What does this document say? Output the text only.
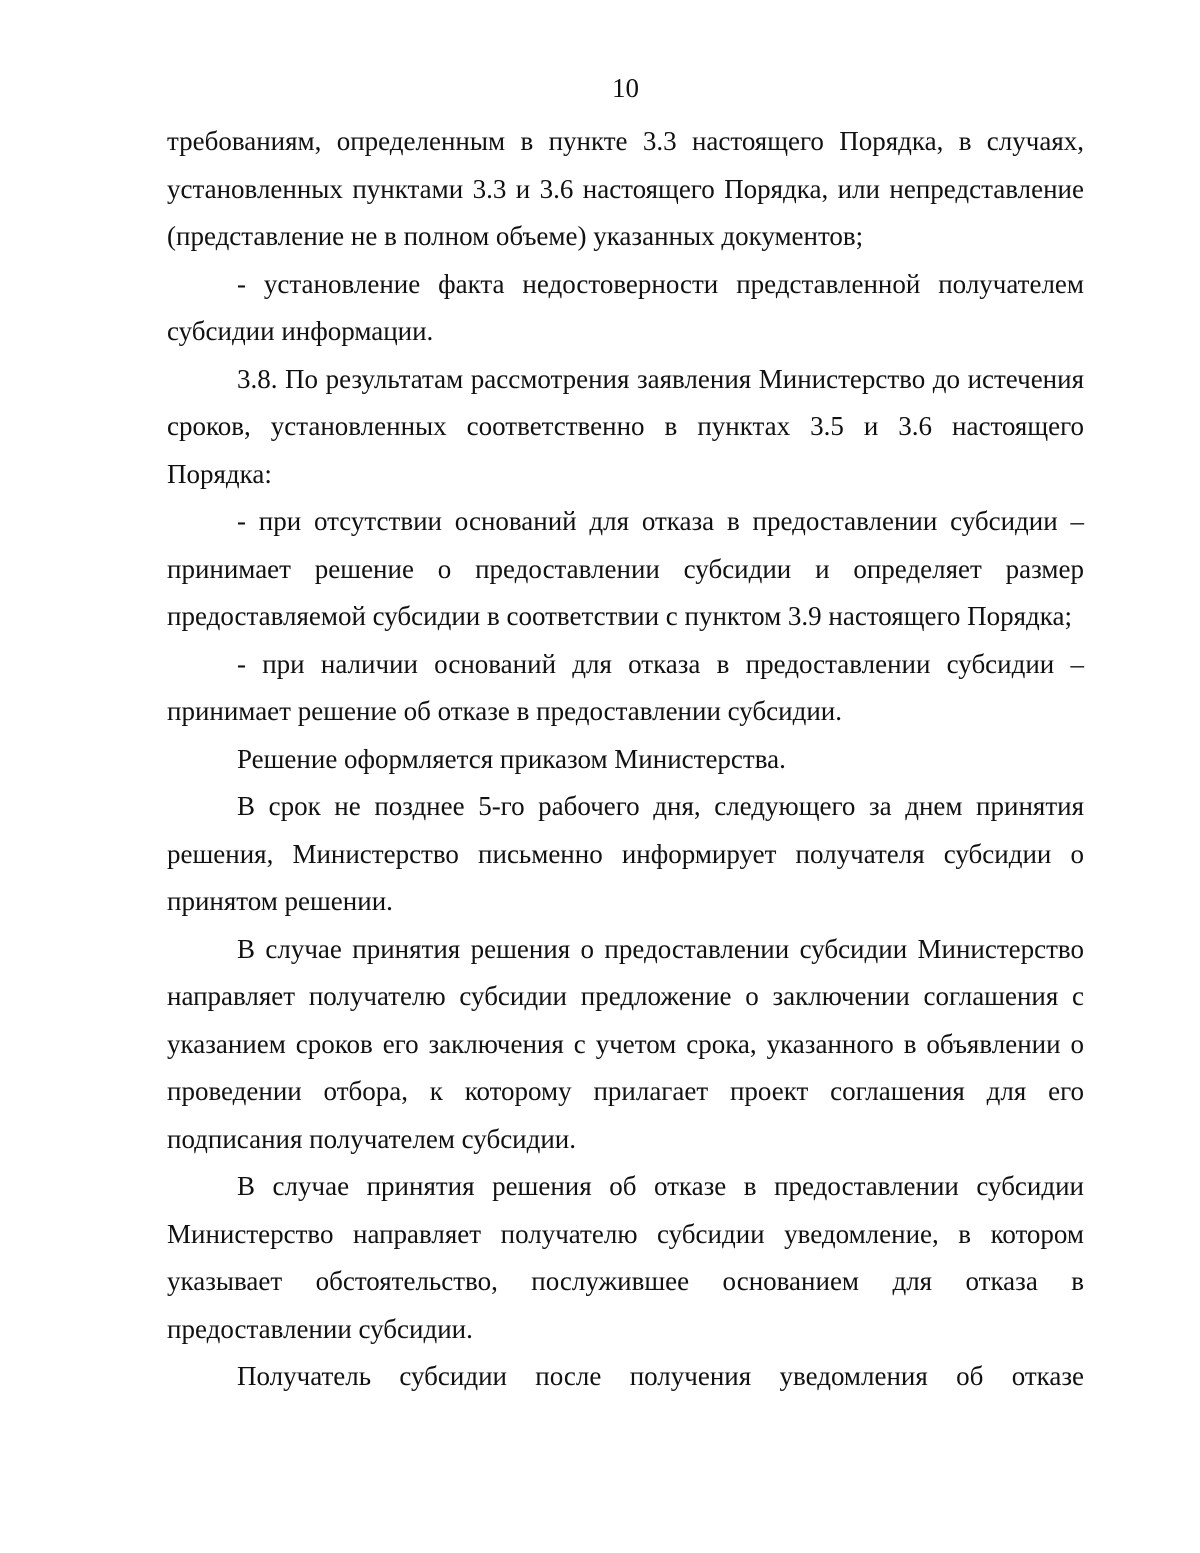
10

требованиям, определенным в пункте 3.3 настоящего Порядка, в случаях, установленных пунктами 3.3 и 3.6 настоящего Порядка, или непредставление (представление не в полном объеме) указанных документов;

- установление факта недостоверности представленной получателем субсидии информации.

3.8. По результатам рассмотрения заявления Министерство до истечения сроков, установленных соответственно в пунктах 3.5 и 3.6 настоящего Порядка:

- при отсутствии оснований для отказа в предоставлении субсидии – принимает решение о предоставлении субсидии и определяет размер предоставляемой субсидии в соответствии с пунктом 3.9 настоящего Порядка;

- при наличии оснований для отказа в предоставлении субсидии – принимает решение об отказе в предоставлении субсидии.

Решение оформляется приказом Министерства.

В срок не позднее 5-го рабочего дня, следующего за днем принятия решения, Министерство письменно информирует получателя субсидии о принятом решении.

В случае принятия решения о предоставлении субсидии Министерство направляет получателю субсидии предложение о заключении соглашения с указанием сроков его заключения с учетом срока, указанного в объявлении о проведении отбора, к которому прилагает проект соглашения для его подписания получателем субсидии.

В случае принятия решения об отказе в предоставлении субсидии Министерство направляет получателю субсидии уведомление, в котором указывает обстоятельство, послужившее основанием для отказа в предоставлении субсидии.

Получатель субсидии после получения уведомления об отказе
